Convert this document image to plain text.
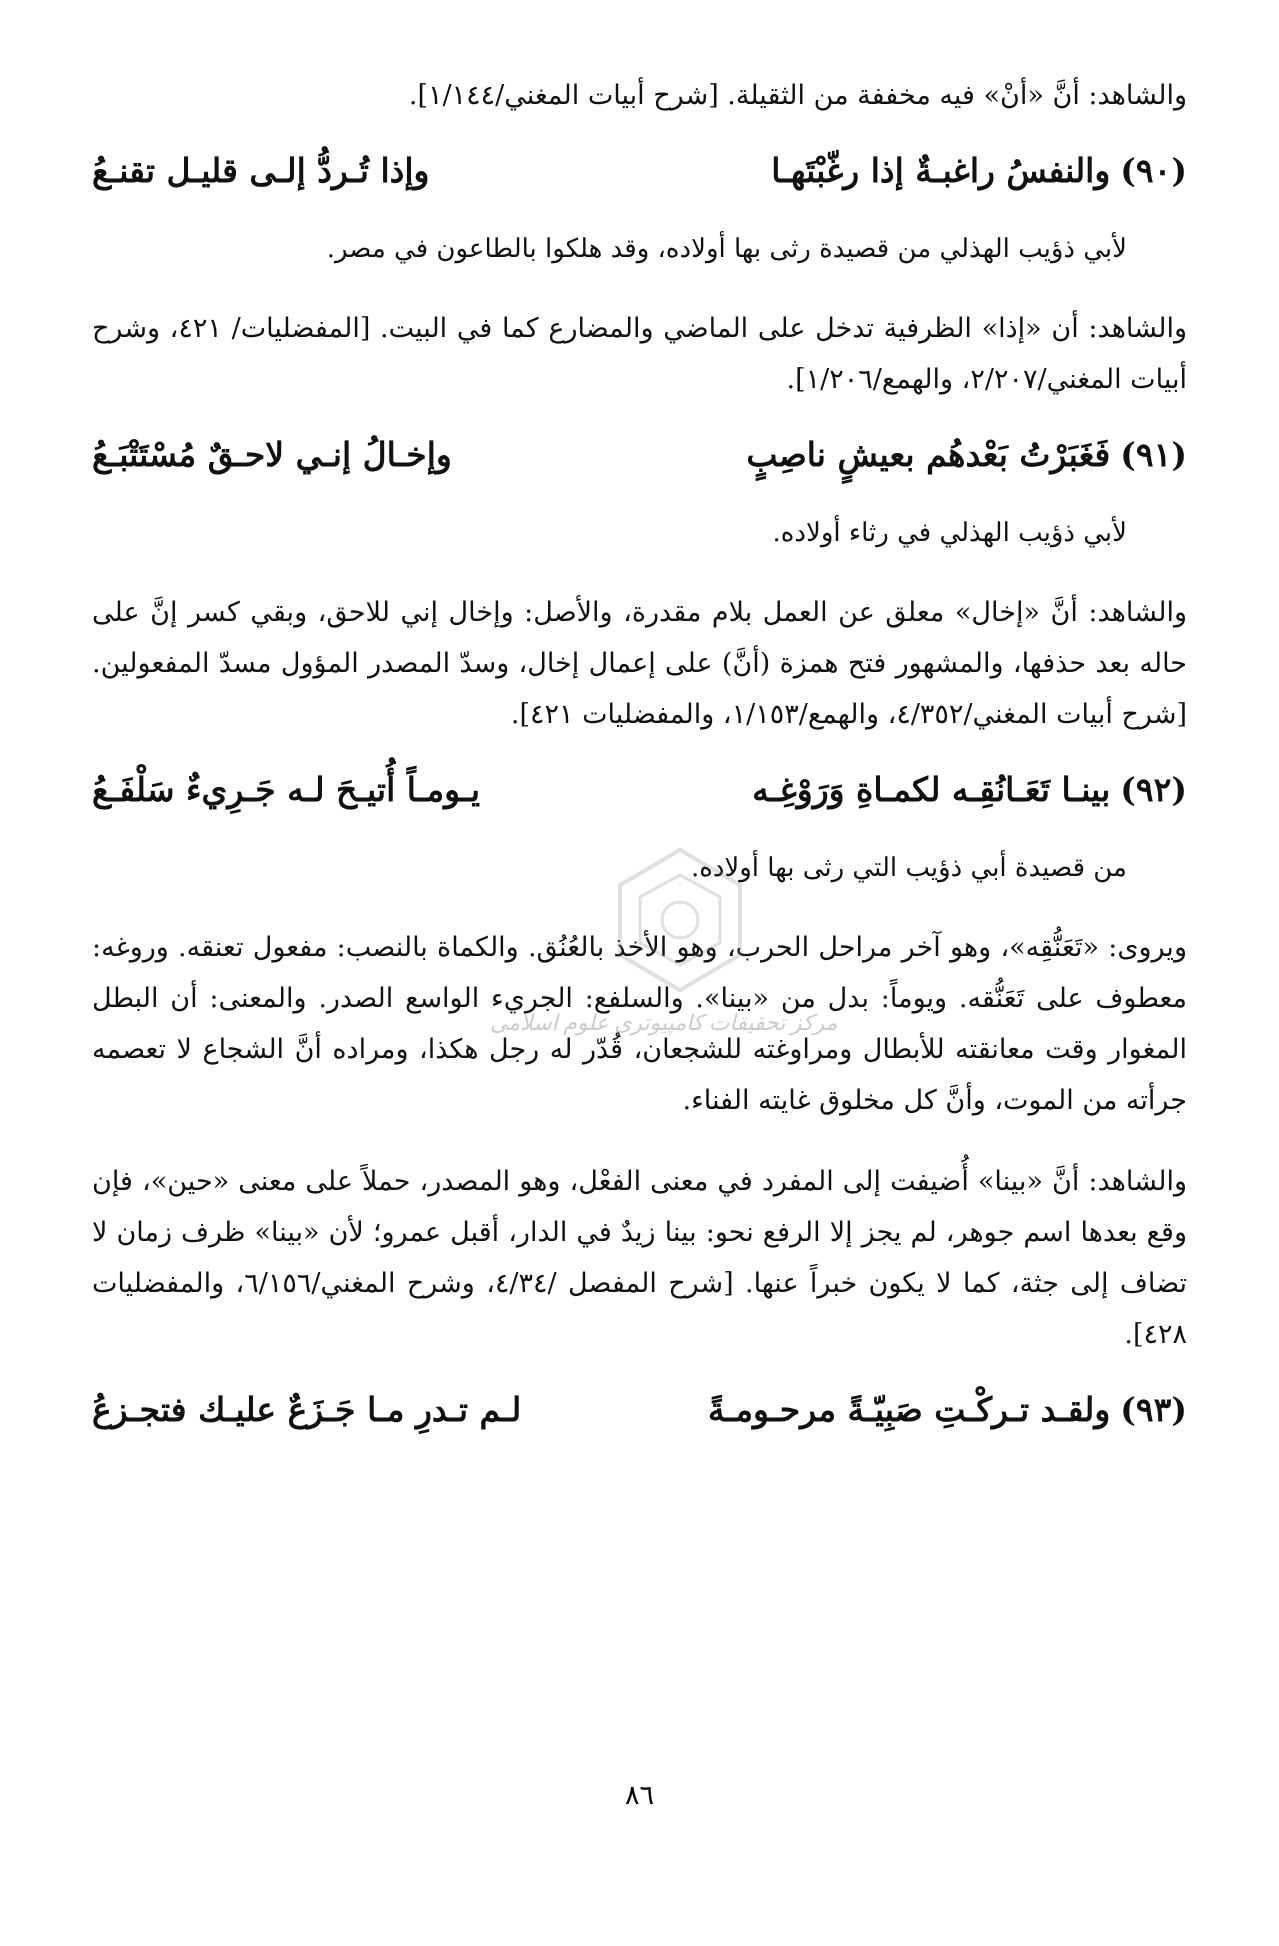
والشاهد: أنَّ «أنْ» فيه مخففة من الثقيلة. [شرح أبيات المغني/١/١٤٤].

(٩٠)
والنفسُ راغبـةٌ إذا رغّبْتَهـا
وإذا تُـردُّ إلـى قليـل تقنـعُ

لأبي ذؤيب الهذلي من قصيدة رثى بها أولاده، وقد هلكوا بالطاعون في مصر.

والشاهد: أن «إذا» الظرفية تدخل على الماضي والمضارع كما في البيت. [المفضليات/ ٤٢١، وشرح أبيات المغني/٢/٢٠٧، والهمع/١/٢٠٦].

(٩١)
فَغَبَرْتُ بَعْدهُم بعيشٍ ناصِبٍ
وإخـالُ إنـي لاحـقٌ مُسْتَتْبَـعُ

لأبي ذؤيب الهذلي في رثاء أولاده.

والشاهد: أنَّ «إخال» معلق عن العمل بلام مقدرة، والأصل: وإخال إني للاحق، وبقي كسر إنَّ على حاله بعد حذفها، والمشهور فتح همزة (أنَّ) على إعمال إخال، وسدّ المصدر المؤول مسدّ المفعولين. [شرح أبيات المغني/٤/٣٥٢، والهمع/١/١٥٣، والمفضليات ٤٢١].

(٩٢)
بينـا تَعَـانُقِـه لكمـاةِ وَرَوْغِـه
يـومـاً أُتيـحَ لـه جَـرِيءٌ سَلْفَـعُ

من قصيدة أبي ذؤيب التي رثى بها أولاده.

ويروى: «تَعَنُّقِه»، وهو آخر مراحل الحرب، وهو الأخذ بالعُنُق. والكماة بالنصب: مفعول تعنقه. وروغه: معطوف على تَعَنُّقه. ويوماً: بدل من «بينا». والسلفع: الجريء الواسع الصدر. والمعنى: أن البطل المغوار وقت معانقته للأبطال ومراوغته للشجعان، قُدّر له رجل هكذا، ومراده أنَّ الشجاع لا تعصمه جرأته من الموت، وأنَّ كل مخلوق غايته الفناء.

والشاهد: أنَّ «بينا» أُضيفت إلى المفرد في معنى الفعْل، وهو المصدر، حملاً على معنى «حين»، فإن وقع بعدها اسم جوهر، لم يجز إلا الرفع نحو: بينا زيدٌ في الدار، أقبل عمرو؛ لأن «بينا» ظرف زمان لا تضاف إلى جثة، كما لا يكون خبراً عنها. [شرح المفصل /٤/٣٤، وشرح المغني/٦/١٥٦، والمفضليات ٤٢٨].

(٩٣)
ولقـد تـركْـتِ صَبِيّـةً مرحـومـةً
لـم تـدرِ مـا جَـزَعٌ عليـك فتجـزعُ
مرکز تحقیقات کامپیوتری علوم اسلامی
٨٦
